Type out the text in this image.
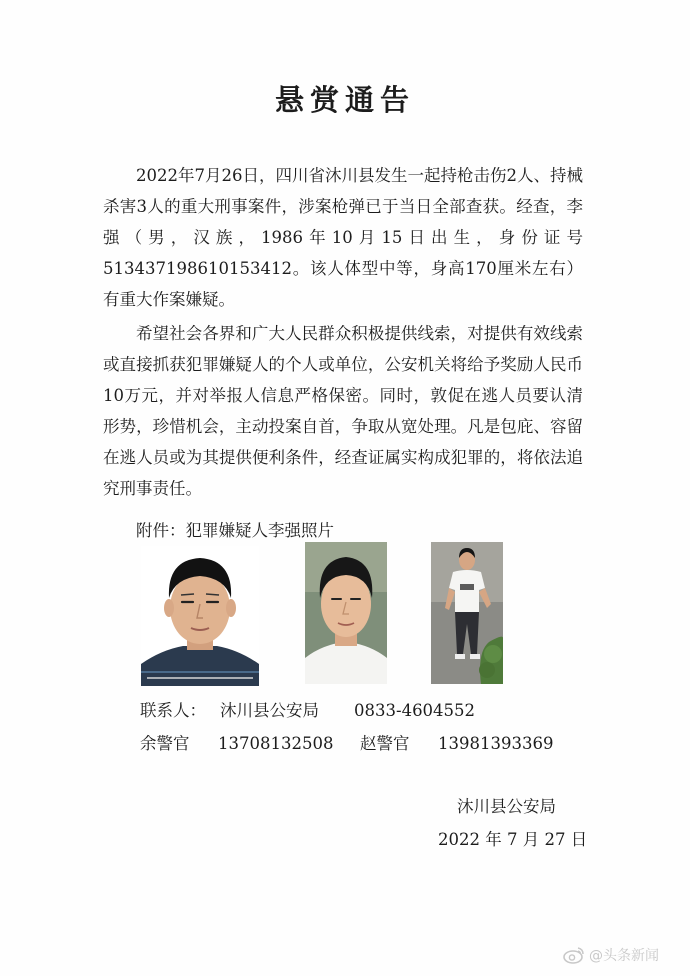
悬赏通告

2022年7月26日，四川省沐川县发生一起持枪击伤2人、持械杀害3人的重大刑事案件，涉案枪弹已于当日全部查获。经查，李强（男，汉族，1986年10月15日出生，身份证号513437198610153412。该人体型中等，身高170厘米左右）有重大作案嫌疑。

希望社会各界和广大人民群众积极提供线索，对提供有效线索或直接抓获犯罪嫌疑人的个人或单位，公安机关将给予奖励人民币10万元，并对举报人信息严格保密。同时，敦促在逃人员要认清形势，珍惜机会，主动投案自首，争取从宽处理。凡是包庇、容留在逃人员或为其提供便利条件，经查证属实构成犯罪的，将依法追究刑事责任。

附件：犯罪嫌疑人李强照片
联系人： 沐川县公安局 0833-4604552
余警官 13708132508 赵警官 13981393369
沐川县公安局
2022 年 7 月 27 日
@头条新闻
